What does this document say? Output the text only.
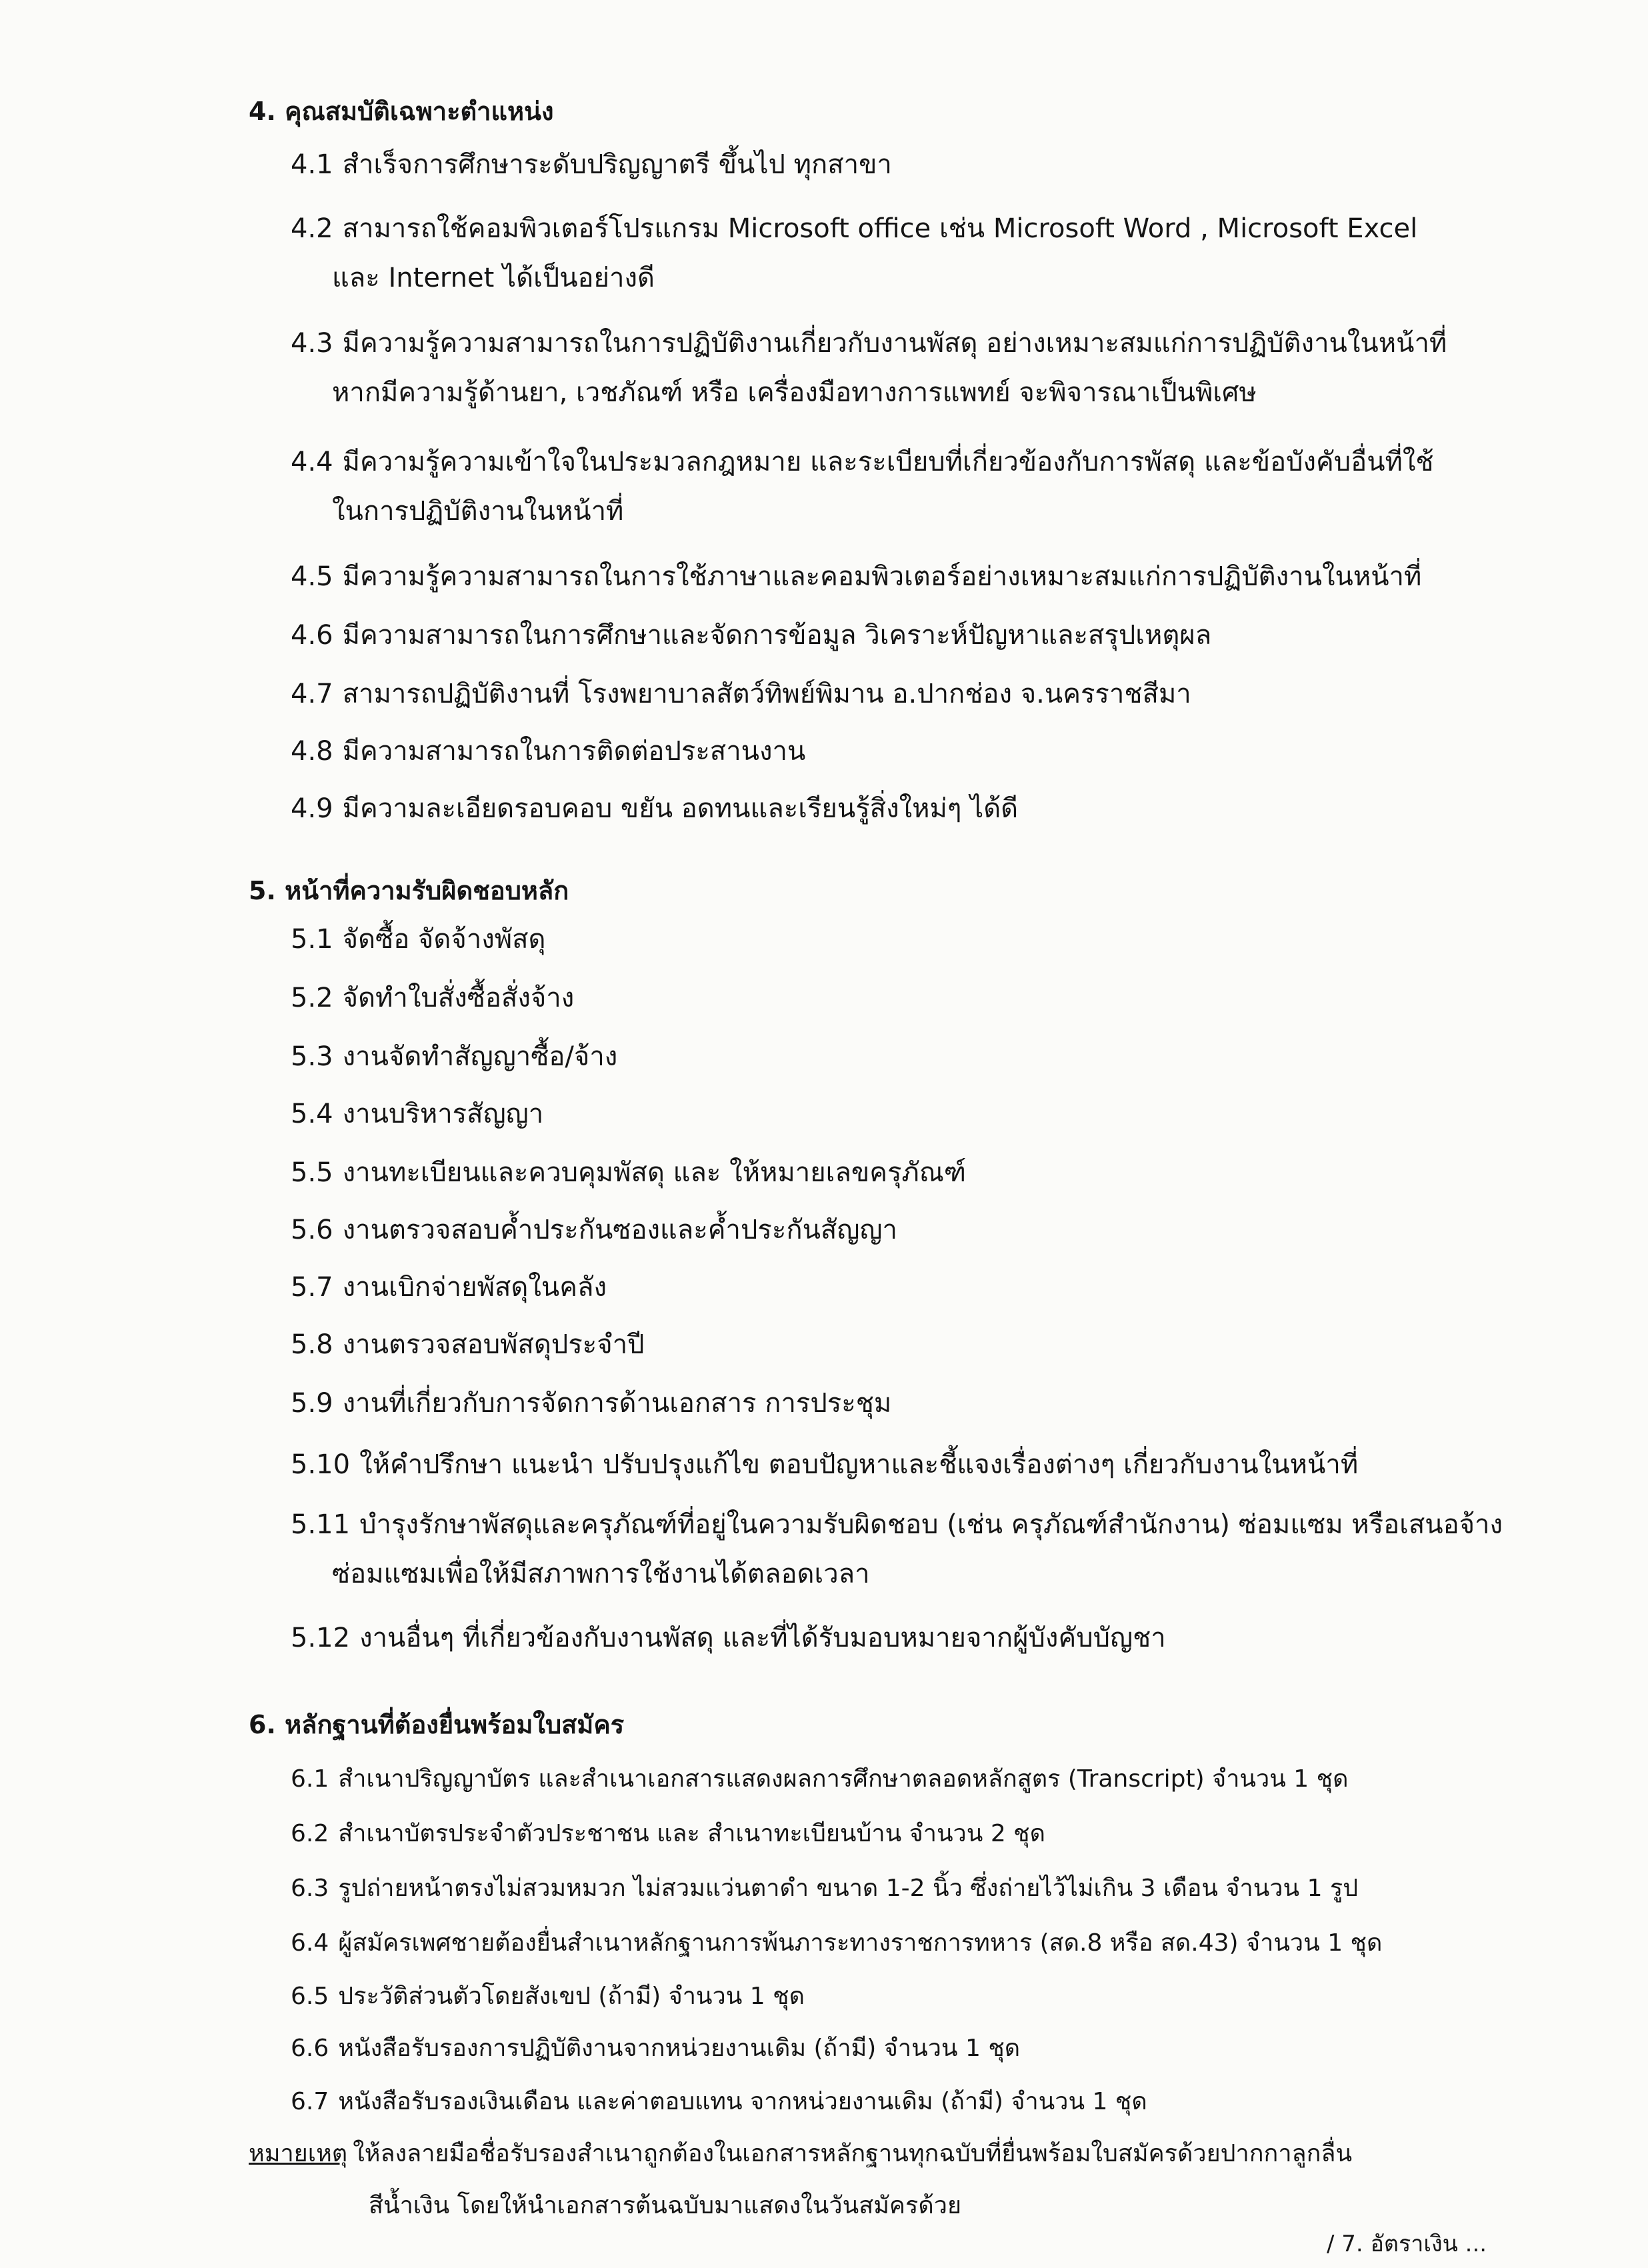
4. คุณสมบัติเฉพาะตำแหน่ง
4.1 สำเร็จการศึกษาระดับปริญญาตรี ขึ้นไป ทุกสาขา
4.2 สามารถใช้คอมพิวเตอร์โปรแกรม Microsoft office เช่น Microsoft Word , Microsoft Excel
และ Internet ได้เป็นอย่างดี
4.3 มีความรู้ความสามารถในการปฏิบัติงานเกี่ยวกับงานพัสดุ อย่างเหมาะสมแก่การปฏิบัติงานในหน้าที่
หากมีความรู้ด้านยา, เวชภัณฑ์ หรือ เครื่องมือทางการแพทย์ จะพิจารณาเป็นพิเศษ
4.4 มีความรู้ความเข้าใจในประมวลกฎหมาย และระเบียบที่เกี่ยวข้องกับการพัสดุ และข้อบังคับอื่นที่ใช้
ในการปฏิบัติงานในหน้าที่
4.5 มีความรู้ความสามารถในการใช้ภาษาและคอมพิวเตอร์อย่างเหมาะสมแก่การปฏิบัติงานในหน้าที่
4.6 มีความสามารถในการศึกษาและจัดการข้อมูล วิเคราะห์ปัญหาและสรุปเหตุผล
4.7 สามารถปฏิบัติงานที่ โรงพยาบาลสัตว์ทิพย์พิมาน อ.ปากช่อง จ.นครราชสีมา
4.8 มีความสามารถในการติดต่อประสานงาน
4.9 มีความละเอียดรอบคอบ ขยัน อดทนและเรียนรู้สิ่งใหม่ๆ ได้ดี
5. หน้าที่ความรับผิดชอบหลัก
5.1 จัดซื้อ จัดจ้างพัสดุ
5.2 จัดทำใบสั่งซื้อสั่งจ้าง
5.3 งานจัดทำสัญญาซื้อ/จ้าง
5.4 งานบริหารสัญญา
5.5 งานทะเบียนและควบคุมพัสดุ และ ให้หมายเลขครุภัณฑ์
5.6 งานตรวจสอบค้ำประกันซองและค้ำประกันสัญญา
5.7 งานเบิกจ่ายพัสดุในคลัง
5.8 งานตรวจสอบพัสดุประจำปี
5.9 งานที่เกี่ยวกับการจัดการด้านเอกสาร การประชุม
5.10 ให้คำปรึกษา แนะนำ ปรับปรุงแก้ไข ตอบปัญหาและชี้แจงเรื่องต่างๆ เกี่ยวกับงานในหน้าที่
5.11 บำรุงรักษาพัสดุและครุภัณฑ์ที่อยู่ในความรับผิดชอบ (เช่น ครุภัณฑ์สำนักงาน) ซ่อมแซม หรือเสนอจ้าง
ซ่อมแซมเพื่อให้มีสภาพการใช้งานได้ตลอดเวลา
5.12 งานอื่นๆ ที่เกี่ยวข้องกับงานพัสดุ และที่ได้รับมอบหมายจากผู้บังคับบัญชา
6. หลักฐานที่ต้องยื่นพร้อมใบสมัคร
6.1 สำเนาปริญญาบัตร และสำเนาเอกสารแสดงผลการศึกษาตลอดหลักสูตร (Transcript) จำนวน 1 ชุด
6.2 สำเนาบัตรประจำตัวประชาชน และ สำเนาทะเบียนบ้าน จำนวน 2 ชุด
6.3 รูปถ่ายหน้าตรงไม่สวมหมวก ไม่สวมแว่นตาดำ ขนาด 1-2 นิ้ว ซึ่งถ่ายไว้ไม่เกิน 3 เดือน จำนวน 1 รูป
6.4 ผู้สมัครเพศชายต้องยื่นสำเนาหลักฐานการพ้นภาระทางราชการทหาร (สด.8 หรือ สด.43) จำนวน 1 ชุด
6.5 ประวัติส่วนตัวโดยสังเขป (ถ้ามี) จำนวน 1 ชุด
6.6 หนังสือรับรองการปฏิบัติงานจากหน่วยงานเดิม (ถ้ามี) จำนวน 1 ชุด
6.7 หนังสือรับรองเงินเดือน และค่าตอบแทน จากหน่วยงานเดิม (ถ้ามี) จำนวน 1 ชุด
หมายเหตุ ให้ลงลายมือชื่อรับรองสำเนาถูกต้องในเอกสารหลักฐานทุกฉบับที่ยื่นพร้อมใบสมัครด้วยปากกาลูกลื่น
สีน้ำเงิน โดยให้นำเอกสารต้นฉบับมาแสดงในวันสมัครด้วย
/ 7. อัตราเงิน ...
